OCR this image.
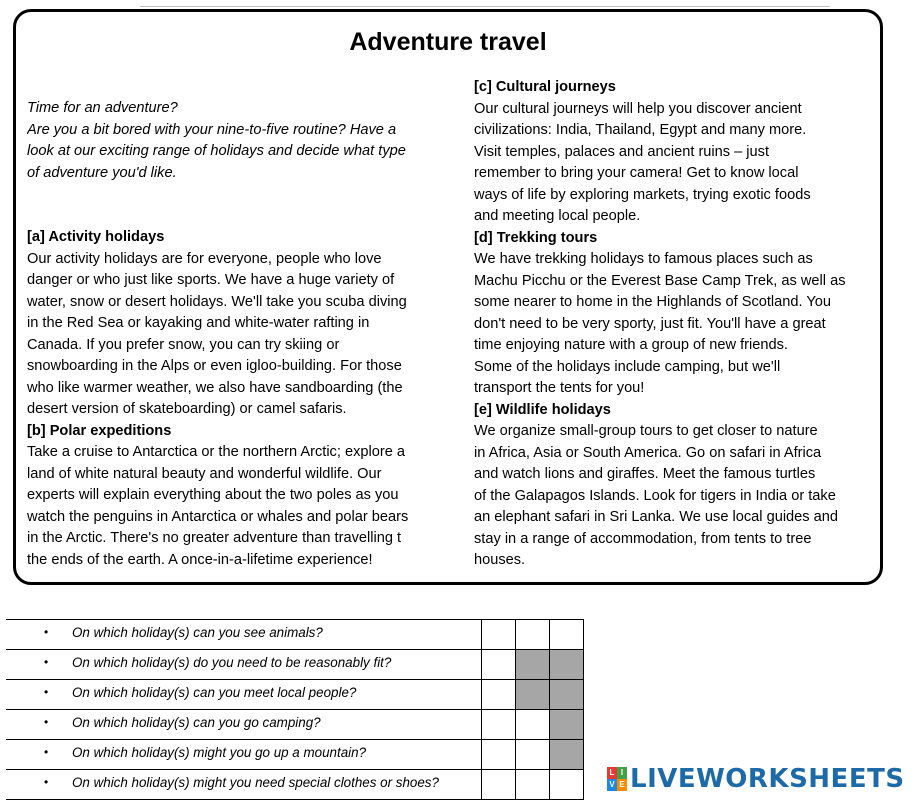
Adventure travel
Time for an adventure?
Are you a bit bored with your nine-to-five routine? Have a
look at our exciting range of holidays and decide what type
of adventure you'd like.
[a] Activity holidays
Our activity holidays are for everyone, people who love
danger or who just like sports. We have a huge variety of
water, snow or desert holidays. We'll take you scuba diving
in the Red Sea or kayaking and white-water rafting in
Canada. If you prefer snow, you can try skiing or
snowboarding in the Alps or even igloo-building. For those
who like warmer weather, we also have sandboarding (the
desert version of skateboarding) or camel safaris.
[b] Polar expeditions
Take a cruise to Antarctica or the northern Arctic; explore a
land of white natural beauty and wonderful wildlife. Our
experts will explain everything about the two poles as you
watch the penguins in Antarctica or whales and polar bears
in the Arctic. There's no greater adventure than travelling t
the ends of the earth. A once-in-a-lifetime experience!
[c] Cultural journeys
Our cultural journeys will help you discover ancient
civilizations: India, Thailand, Egypt and many more.
Visit temples, palaces and ancient ruins – just
remember to bring your camera! Get to know local
ways of life by exploring markets, trying exotic foods
and meeting local people.
[d] Trekking tours
We have trekking holidays to famous places such as
Machu Picchu or the Everest Base Camp Trek, as well as
some nearer to home in the Highlands of Scotland. You
don't need to be very sporty, just fit. You'll have a great
time enjoying nature with a group of new friends.
Some of the holidays include camping, but we'll
transport the tents for you!
[e] Wildlife holidays
We organize small-group tours to get closer to nature
in Africa, Asia or South America. Go on safari in Africa
and watch lions and giraffes. Meet the famous turtles
of the Galapagos Islands. Look for tigers in India or take
an elephant safari in Sri Lanka. We use local guides and
stay in a range of accommodation, from tents to tree
houses.
• On which holiday(s) can you see animals?			

• On which holiday(s) do you need to be reasonably fit?			

• On which holiday(s) can you meet local people?			

• On which holiday(s) can you go camping?			

• On which holiday(s) might you go up a mountain?			

• On which holiday(s) might you need special clothes or shoes?			

L I
V E LIVEWORKSHEETS
